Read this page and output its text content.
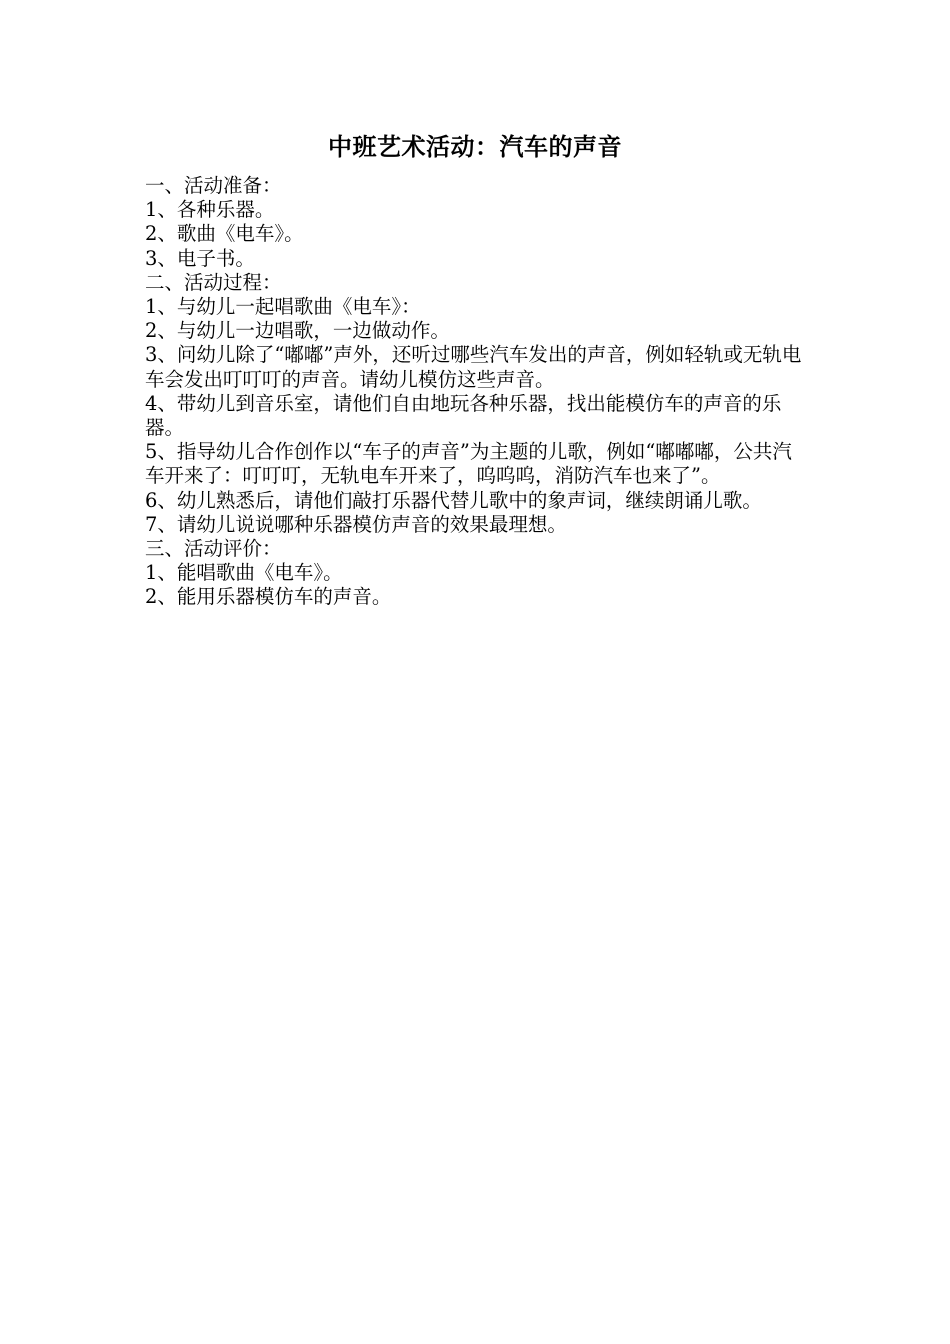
中班艺术活动：汽车的声音
一、活动准备：
1、各种乐器。
2、歌曲《电车》。
3、电子书。
二、活动过程：
1、与幼儿一起唱歌曲《电车》：
2、与幼儿一边唱歌，一边做动作。
3、问幼儿除了“嘟嘟”声外，还听过哪些汽车发出的声音，例如轻轨或无轨电车会发出叮叮叮的声音。请幼儿模仿这些声音。
4、带幼儿到音乐室，请他们自由地玩各种乐器，找出能模仿车的声音的乐器。
5、指导幼儿合作创作以“车子的声音”为主题的儿歌，例如“嘟嘟嘟，公共汽车开来了：叮叮叮，无轨电车开来了，呜呜呜，消防汽车也来了”。
6、幼儿熟悉后，请他们敲打乐器代替儿歌中的象声词，继续朗诵儿歌。
7、请幼儿说说哪种乐器模仿声音的效果最理想。
三、活动评价：
1、能唱歌曲《电车》。
2、能用乐器模仿车的声音。
